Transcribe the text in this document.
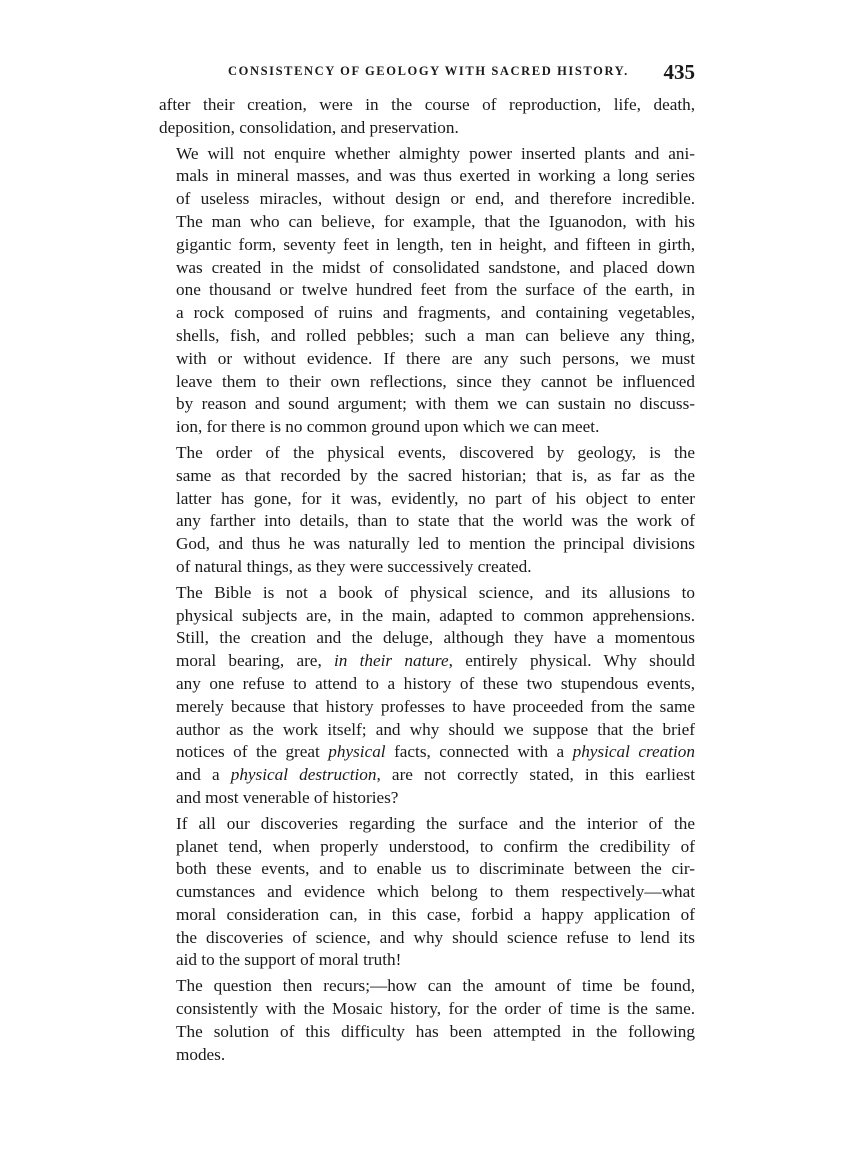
CONSISTENCY OF GEOLOGY WITH SACRED HISTORY. 435
after their creation, were in the course of reproduction, life, death,
deposition, consolidation, and preservation.
We will not enquire whether almighty power inserted plants and ani-
mals in mineral masses, and was thus exerted in working a long series
of useless miracles, without design or end, and therefore incredible.
The man who can believe, for example, that the Iguanodon, with his
gigantic form, seventy feet in length, ten in height, and fifteen in girth,
was created in the midst of consolidated sandstone, and placed down
one thousand or twelve hundred feet from the surface of the earth, in
a rock composed of ruins and fragments, and containing vegetables,
shells, fish, and rolled pebbles; such a man can believe any thing,
with or without evidence. If there are any such persons, we must
leave them to their own reflections, since they cannot be influenced
by reason and sound argument; with them we can sustain no discuss-
ion, for there is no common ground upon which we can meet.
The order of the physical events, discovered by geology, is the
same as that recorded by the sacred historian; that is, as far as the
latter has gone, for it was, evidently, no part of his object to enter
any farther into details, than to state that the world was the work of
God, and thus he was naturally led to mention the principal divisions
of natural things, as they were successively created.
The Bible is not a book of physical science, and its allusions to
physical subjects are, in the main, adapted to common apprehensions.
Still, the creation and the deluge, although they have a momentous
moral bearing, are, in their nature, entirely physical. Why should
any one refuse to attend to a history of these two stupendous events,
merely because that history professes to have proceeded from the same
author as the work itself; and why should we suppose that the brief
notices of the great physical facts, connected with a physical creation
and a physical destruction, are not correctly stated, in this earliest
and most venerable of histories?
If all our discoveries regarding the surface and the interior of the
planet tend, when properly understood, to confirm the credibility of
both these events, and to enable us to discriminate between the cir-
cumstances and evidence which belong to them respectively—what
moral consideration can, in this case, forbid a happy application of
the discoveries of science, and why should science refuse to lend its
aid to the support of moral truth!
The question then recurs;—how can the amount of time be found,
consistently with the Mosaic history, for the order of time is the same.
The solution of this difficulty has been attempted in the following
modes.
